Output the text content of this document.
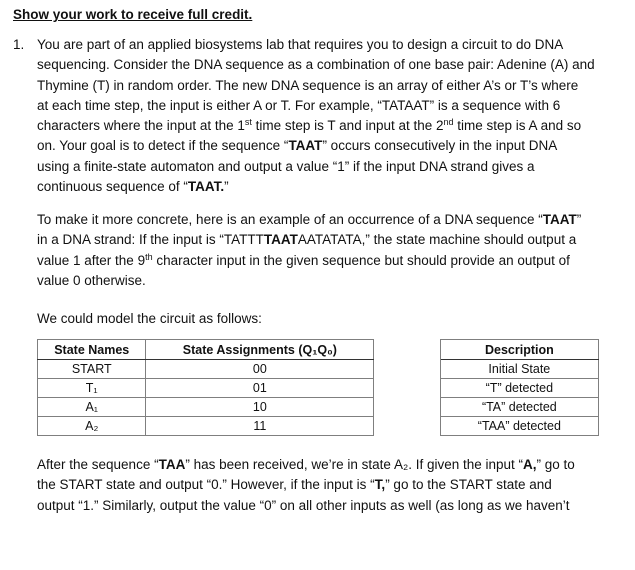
Show your work to receive full credit.
1. You are part of an applied biosystems lab that requires you to design a circuit to do DNA
sequencing. Consider the DNA sequence as a combination of one base pair: Adenine (A) and
Thymine (T) in random order. The new DNA sequence is an array of either A’s or T’s where
at each time step, the input is either A or T. For example, “TATAAT” is a sequence with 6
characters where the input at the 1st time step is T and input at the 2nd time step is A and so
on. Your goal is to detect if the sequence “TAAT” occurs consecutively in the input DNA
using a finite-state automaton and output a value “1” if the input DNA strand gives a
continuous sequence of “TAAT.”
To make it more concrete, here is an example of an occurrence of a DNA sequence “TAAT”
in a DNA strand: If the input is “TATTTTAATAATATATA,” the state machine should output a
value 1 after the 9th character input in the given sequence but should provide an output of
value 0 otherwise.
We could model the circuit as follows:
State Names	State Assignments (Q₁Q₀)		Description
START	00		Initial State
T₁	01		“T” detected
A₁	10		“TA” detected
A₂	11		“TAA” detected
After the sequence “TAA” has been received, we’re in state A₂. If given the input “A,” go to
the START state and output “0.” However, if the input is “T,” go to the START state and
output “1.” Similarly, output the value “0” on all other inputs as well (as long as we haven’t
